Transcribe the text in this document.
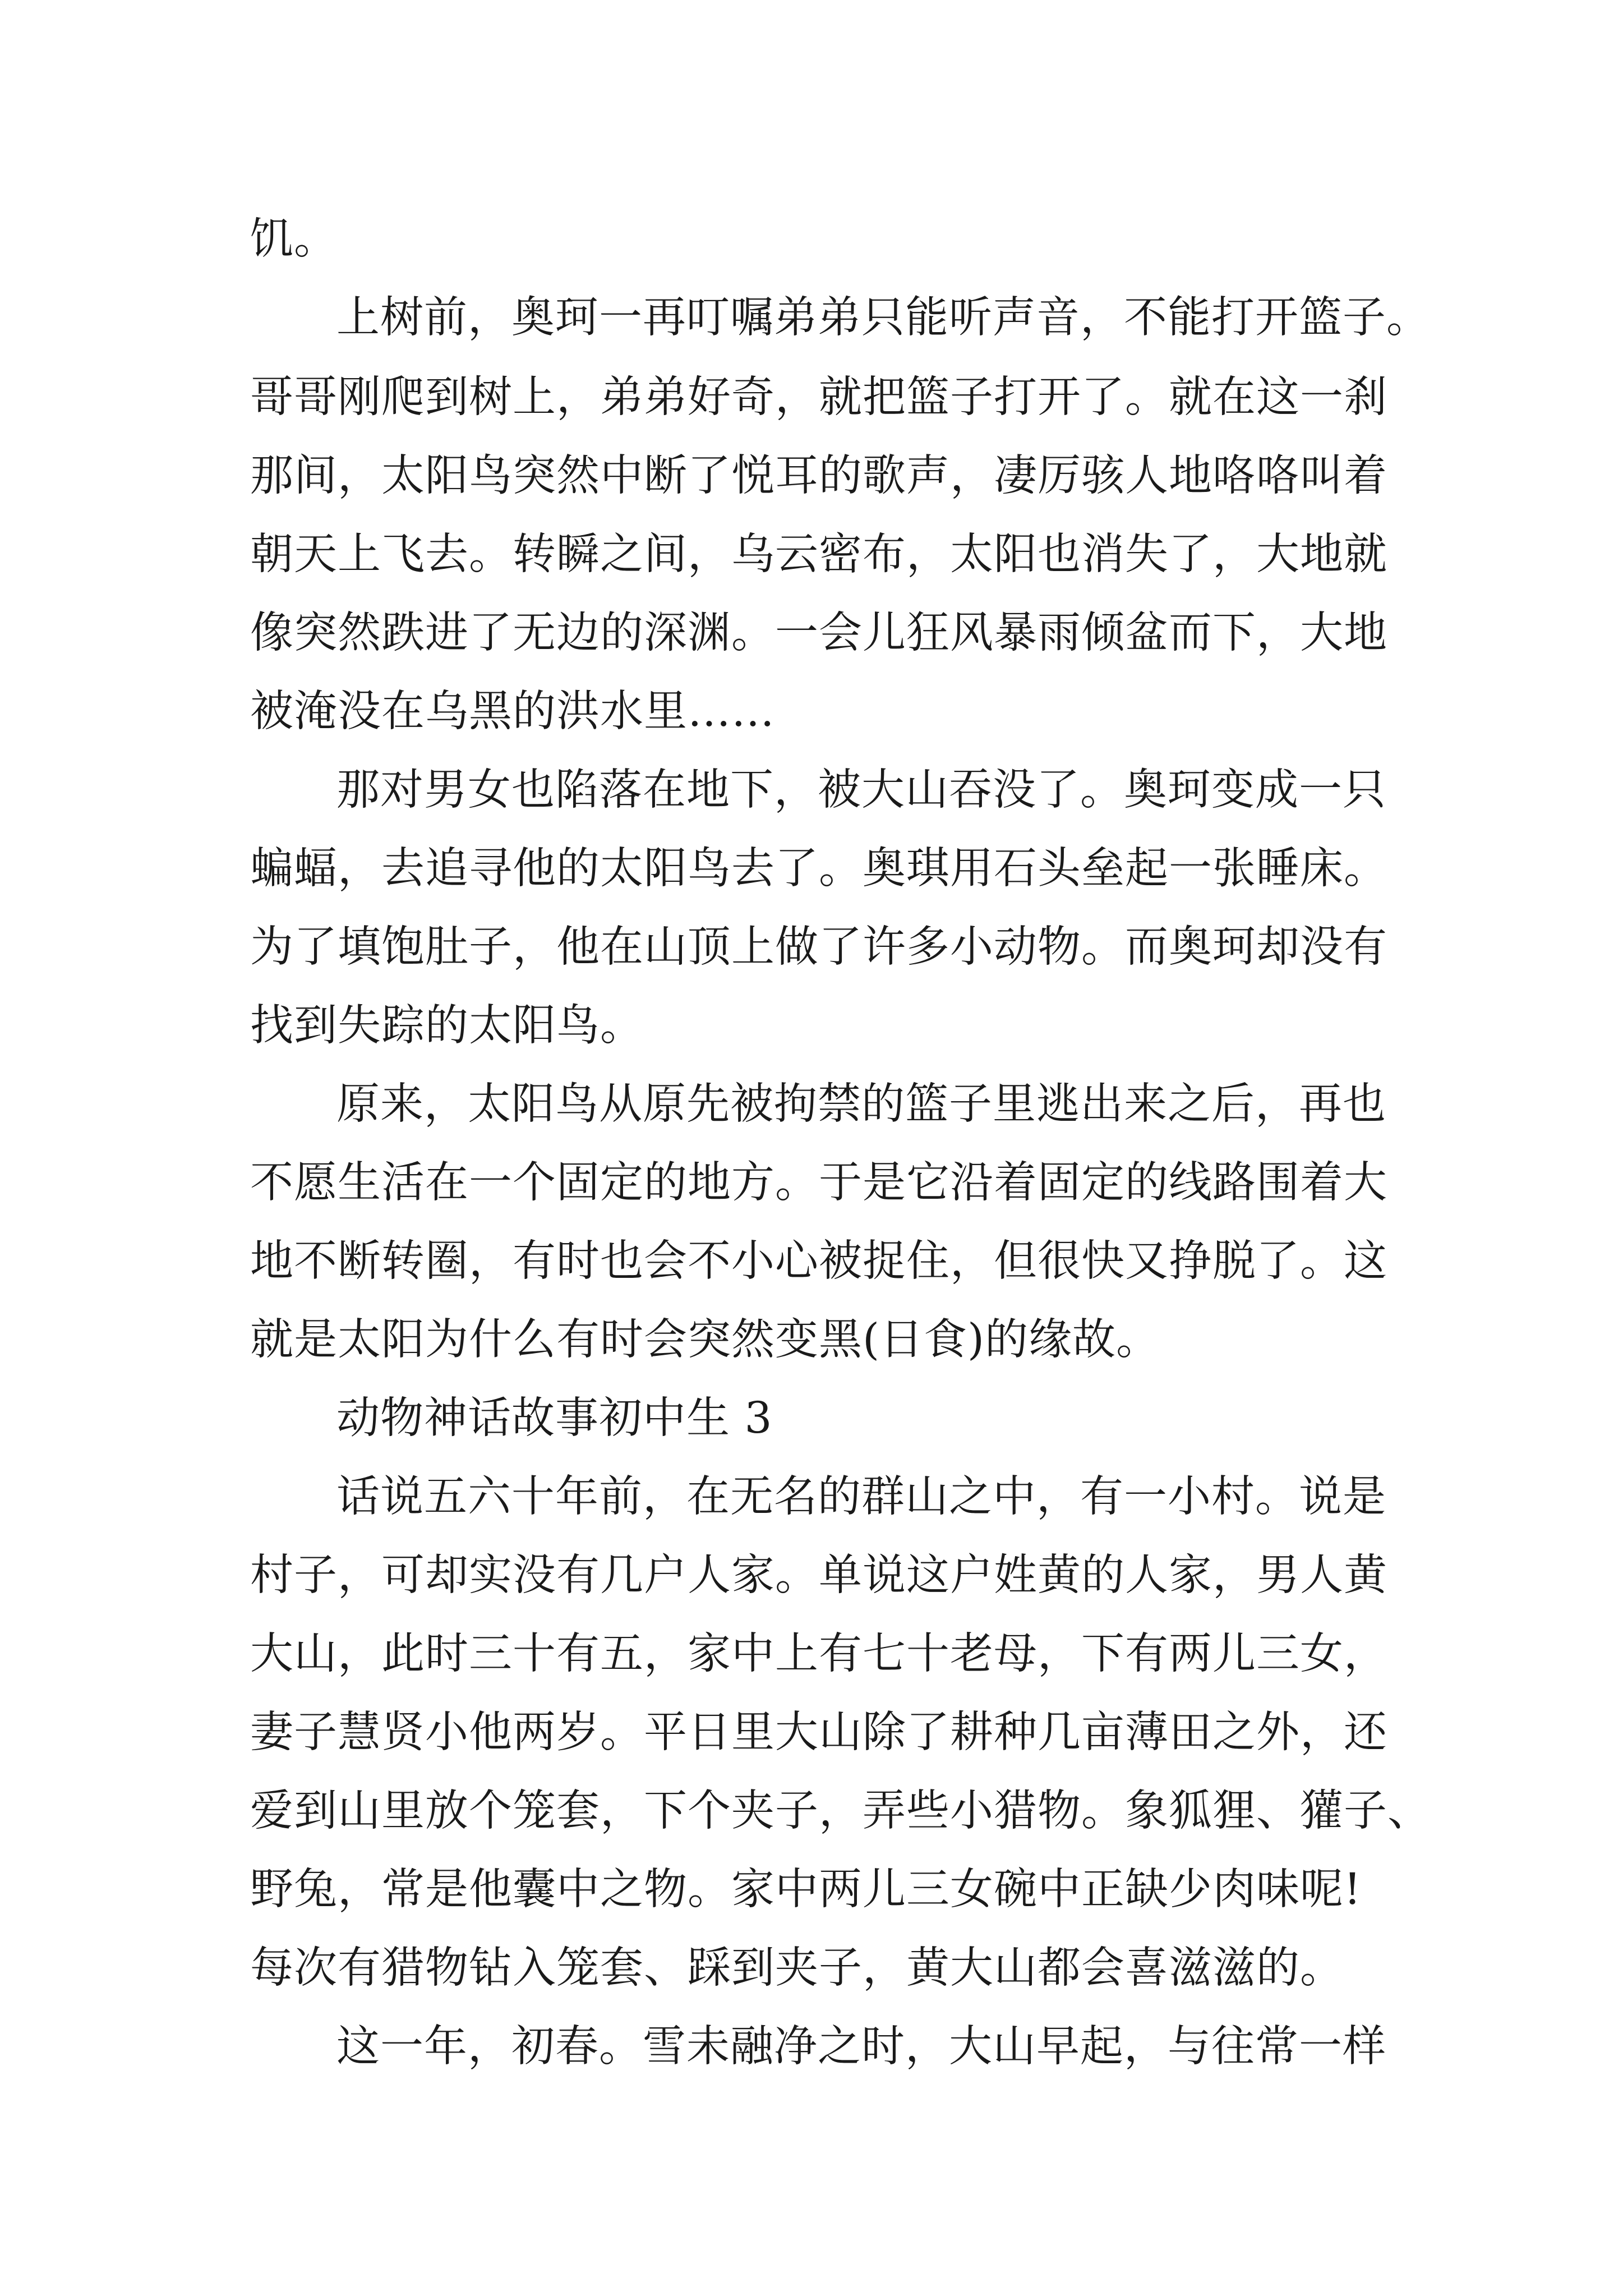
饥。
上树前，奥珂一再叮嘱弟弟只能听声音，不能打开篮子。
哥哥刚爬到树上，弟弟好奇，就把篮子打开了。就在这一刹
那间，太阳鸟突然中断了悦耳的歌声，凄厉骇人地咯咯叫着
朝天上飞去。转瞬之间，乌云密布，太阳也消失了，大地就
像突然跌进了无边的深渊。一会儿狂风暴雨倾盆而下，大地
被淹没在乌黑的洪水里……
那对男女也陷落在地下，被大山吞没了。奥珂变成一只
蝙蝠，去追寻他的太阳鸟去了。奥琪用石头垒起一张睡床。
为了填饱肚子，他在山顶上做了许多小动物。而奥珂却没有
找到失踪的太阳鸟。
原来，太阳鸟从原先被拘禁的篮子里逃出来之后，再也
不愿生活在一个固定的地方。于是它沿着固定的线路围着大
地不断转圈，有时也会不小心被捉住，但很快又挣脱了。这
就是太阳为什么有时会突然变黑(日食)的缘故。
动物神话故事初中生 3
话说五六十年前，在无名的群山之中，有一小村。说是
村子，可却实没有几户人家。单说这户姓黄的人家，男人黄
大山，此时三十有五，家中上有七十老母，下有两儿三女，
妻子慧贤小他两岁。平日里大山除了耕种几亩薄田之外，还
爱到山里放个笼套，下个夹子，弄些小猎物。象狐狸、獾子、
野兔，常是他囊中之物。家中两儿三女碗中正缺少肉味呢!
每次有猎物钻入笼套、踩到夹子，黄大山都会喜滋滋的。
这一年，初春。雪未融净之时，大山早起，与往常一样
